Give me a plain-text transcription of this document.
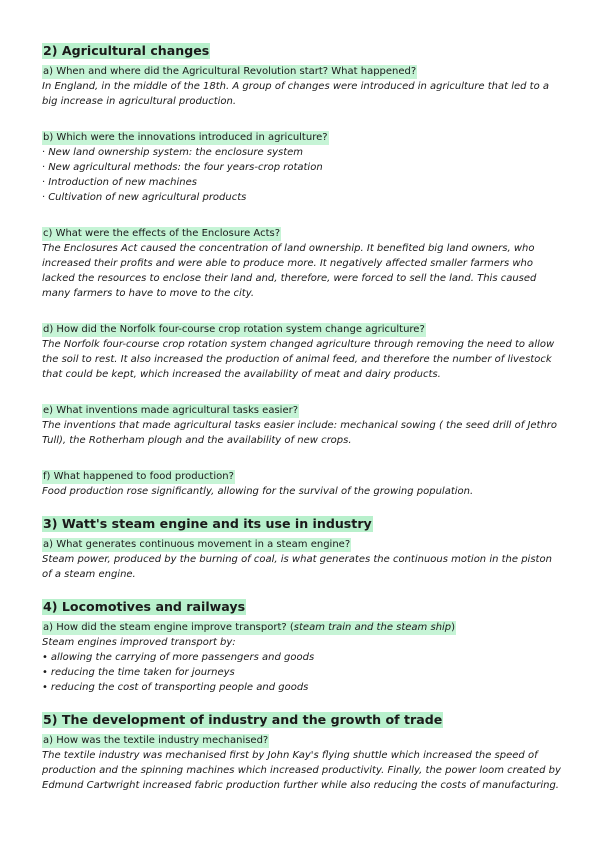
2) Agricultural changes
a) When and where did the Agricultural Revolution start? What happened?

In England, in the middle of the 18th. A group of changes were introduced in agriculture that led to a big increase in agricultural production.

b) Which were the innovations introduced in agriculture?
· New land ownership system: the enclosure system
· New agricultural methods: the four years-crop rotation
· Introduction of new machines
· Cultivation of new agricultural products
c) What were the effects of the Enclosure Acts?

The Enclosures Act caused the concentration of land ownership. It benefited big land owners, who increased their profits and were able to produce more. It negatively affected smaller farmers who lacked the resources to enclose their land and, therefore, were forced to sell the land. This caused many farmers to have to move to the city.

d) How did the Norfolk four-course crop rotation system change agriculture?

The Norfolk four-course crop rotation system changed agriculture through removing the need to allow the soil to rest. It also increased the production of animal feed, and therefore the number of livestock that could be kept, which increased the availability of meat and dairy products.

e) What inventions made agricultural tasks easier?

The inventions that made agricultural tasks easier include: mechanical sowing ( the seed drill of Jethro Tull), the Rotherham plough and the availability of new crops.

f) What happened to food production?

Food production rose significantly, allowing for the survival of the growing population.

3) Watt's steam engine and its use in industry
a) What generates continuous movement in a steam engine?

Steam power, produced by the burning of coal, is what generates the continuous motion in the piston of a steam engine.

4) Locomotives and railways
a) How did the steam engine improve transport? (steam train and the steam ship)

Steam engines improved transport by:

• allowing the carrying of more passengers and goods
• reducing the time taken for journeys
• reducing the cost of transporting people and goods
5) The development of industry and the growth of trade
a) How was the textile industry mechanised?

The textile industry was mechanised first by John Kay's flying shuttle which increased the speed of production and the spinning machines which increased productivity. Finally, the power loom created by Edmund Cartwright increased fabric production further while also reducing the costs of manufacturing.
